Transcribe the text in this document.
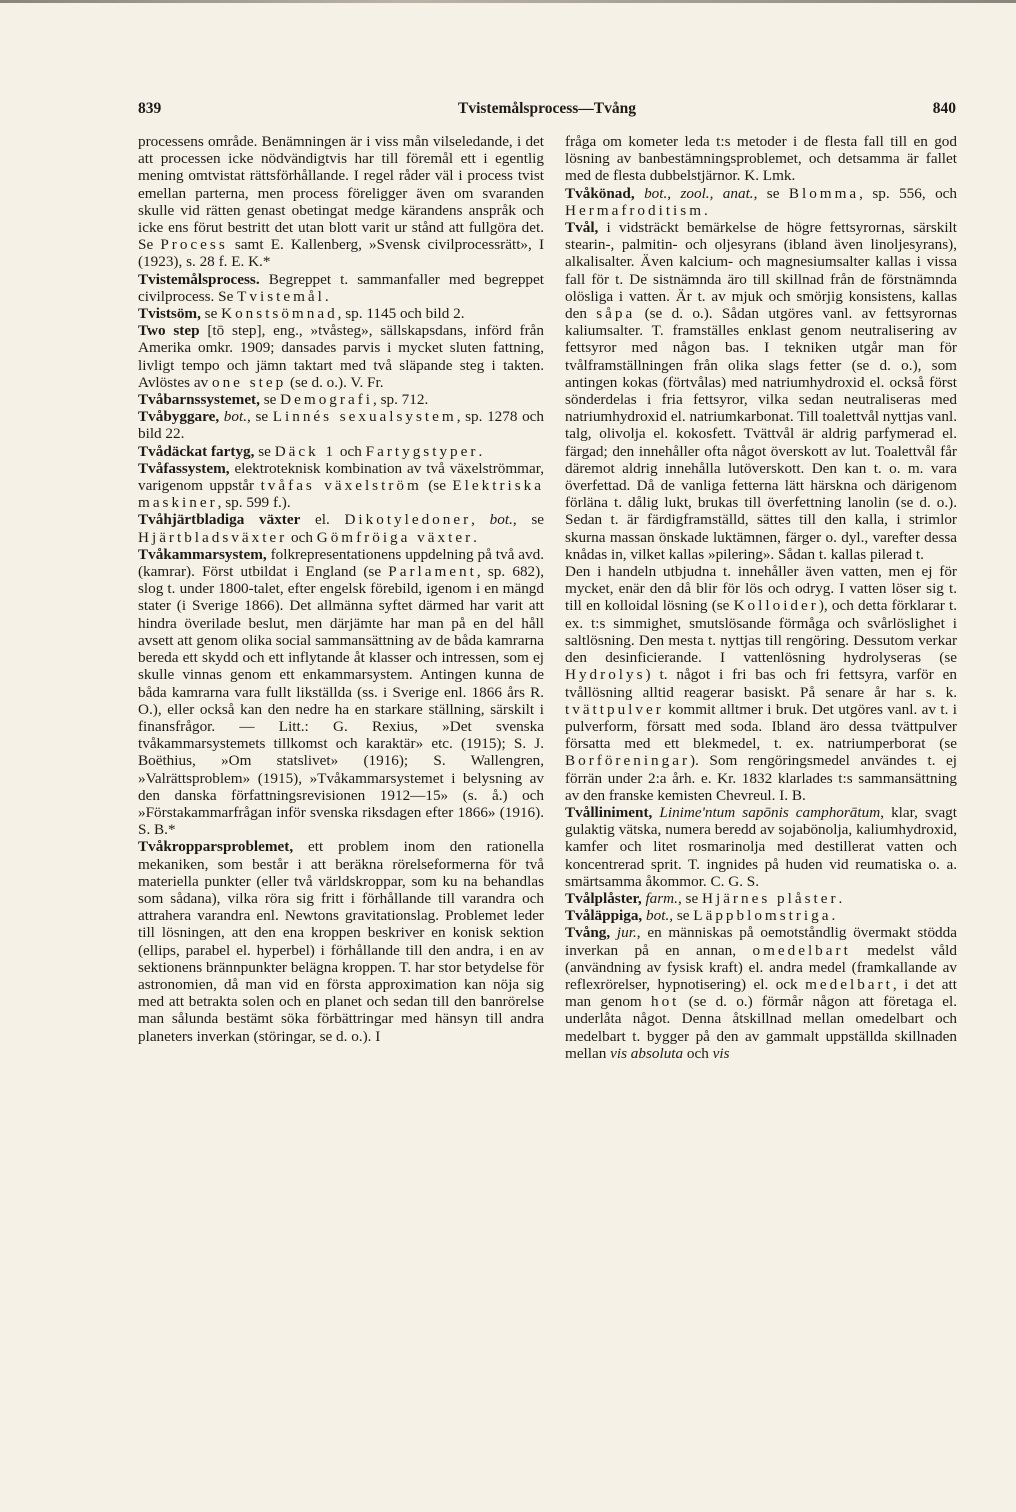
839	Tvistemålsprocess—Tvång	840

processens område. Benämningen är i viss mån vilseledande, i det att processen icke nödvändigtvis har till föremål ett i egentlig mening omtvistat rättsförhållande. I regel råder väl i process tvist emellan parterna, men process föreligger även om svaranden skulle vid rätten genast obetingat medge kärandens anspråk och icke ens förut bestritt det utan blott varit ur stånd att fullgöra det. Se Process samt E. Kallenberg, »Svensk civilprocessrätt», I (1923), s. 28 f. E. K.*

Tvistemålsprocess. Begreppet t. sammanfaller med begreppet civilprocess. Se Tvistemål.

Tvistsöm, se Konstsömnad, sp. 1145 och bild 2.

Two step [tō step], eng., »tvåsteg», sällskapsdans, införd från Amerika omkr. 1909; dansades parvis i mycket sluten fattning, livligt tempo och jämn taktart med två släpande steg i takten. Avlöstes av one step (se d. o.). V. Fr.

Tvåbarnssystemet, se Demografi, sp. 712.

Tvåbyggare, bot., se Linnés sexualsystem, sp. 1278 och bild 22.

Tvådäckat fartyg, se Däck 1 och Fartygstyper.

Tvåfassystem, elektroteknisk kombination av två växelströmmar, varigenom uppstår tvåfas växelström (se Elektriska maskiner, sp. 599 f.).

Tvåhjärtbladiga växter el. Dikotyledoner, bot., se Hjärtbladsväxter och Gömfröiga växter.

Tvåkammarsystem, folkrepresentationens uppdelning på två avd. (kamrar). Först utbildat i England (se Parlament, sp. 682), slog t. under 1800-talet, efter engelsk förebild, igenom i en mängd stater (i Sverige 1866). Det allmänna syftet därmed har varit att hindra överilade beslut, men därjämte har man på en del håll avsett att genom olika social sammansättning av de båda kamrarna bereda ett skydd och ett inflytande åt klasser och intressen, som ej skulle vinnas genom ett enkammarsystem. Antingen kunna de båda kamrarna vara fullt likställda (ss. i Sverige enl. 1866 års R. O.), eller också kan den nedre ha en starkare ställning, särskilt i finansfrågor. — Litt.: G. Rexius, »Det svenska tvåkammarsystemets tillkomst och karaktär» etc. (1915); S. J. Boëthius, »Om statslivet» (1916); S. Wallengren, »Valrättsproblem» (1915), »Tvåkammarsystemet i belysning av den danska författningsrevisionen 1912—15» (s. å.) och »Förstakammarfrågan inför svenska riksdagen efter 1866» (1916). S. B.*

Tvåkropparsproblemet, ett problem inom den rationella mekaniken, som består i att beräkna rörelseformerna för två materiella punkter (eller två världskroppar, som ku na behandlas som sådana), vilka röra sig fritt i förhållande till varandra och attrahera varandra enl. Newtons gravitationslag. Problemet leder till lösningen, att den ena kroppen beskriver en konisk sektion (ellips, parabel el. hyperbel) i förhållande till den andra, i en av sektionens brännpunkter belägna kroppen. T. har stor betydelse för astronomien, då man vid en första approximation kan nöja sig med att betrakta solen och en planet och sedan till den banrörelse man sålunda bestämt söka förbättringar med hänsyn till andra planeters inverkan (störingar, se d. o.). I

fråga om kometer leda t:s metoder i de flesta fall till en god lösning av banbestämningsproblemet, och detsamma är fallet med de flesta dubbelstjärnor. K. Lmk.

Tvåkönad, bot., zool., anat., se Blomma, sp. 556, och Hermafroditism.

Tvål, i vidsträckt bemärkelse de högre fettsyrornas, särskilt stearin-, palmitin- och oljesyrans (ibland även linoljesyrans), alkalisalter. Även kalcium- och magnesiumsalter kallas i vissa fall för t. De sistnämnda äro till skillnad från de förstnämnda olösliga i vatten. Är t. av mjuk och smörjig konsistens, kallas den såpa (se d. o.). Sådan utgöres vanl. av fettsyrornas kaliumsalter. T. framställes enklast genom neutralisering av fettsyror med någon bas. I tekniken utgår man för tvålframställningen från olika slags fetter (se d. o.), som antingen kokas (förtvålas) med natriumhydroxid el. också först sönderdelas i fria fettsyror, vilka sedan neutraliseras med natriumhydroxid el. natriumkarbonat. Till toalettvål nyttjas vanl. talg, olivolja el. kokosfett. Tvättvål är aldrig parfymerad el. färgad; den innehåller ofta något överskott av lut. Toalettvål får däremot aldrig innehålla lutöverskott. Den kan t. o. m. vara överfettad. Då de vanliga fetterna lätt härskna och därigenom förläna t. dålig lukt, brukas till överfettning lanolin (se d. o.). Sedan t. är färdigframställd, sättes till den kalla, i strimlor skurna massan önskade luktämnen, färger o. dyl., varefter dessa knådas in, vilket kallas »pilering». Sådan t. kallas pilerad t.

Den i handeln utbjudna t. innehåller även vatten, men ej för mycket, enär den då blir för lös och odryg. I vatten löser sig t. till en kolloidal lösning (se Kolloider), och detta förklarar t. ex. t:s simmighet, smutslösande förmåga och svårlöslighet i saltlösning. Den mesta t. nyttjas till rengöring. Dessutom verkar den desinficierande. I vattenlösning hydrolyseras (se Hydrolys) t. något i fri bas och fri fettsyra, varför en tvållösning alltid reagerar basiskt. På senare år har s. k. tvättpulver kommit alltmer i bruk. Det utgöres vanl. av t. i pulverform, försatt med soda. Ibland äro dessa tvättpulver försatta med ett blekmedel, t. ex. natriumperborat (se Borföreningar). Som rengöringsmedel användes t. ej förrän under 2:a årh. e. Kr. 1832 klarlades t:s sammansättning av den franske kemisten Chevreul. I. B.

Tvålliniment, Linime'ntum sapōnis camphorātum, klar, svagt gulaktig vätska, numera beredd av sojabönolja, kaliumhydroxid, kamfer och litet rosmarinolja med destillerat vatten och koncentrerad sprit. T. ingnides på huden vid reumatiska o. a. smärtsamma åkommor. C. G. S.

Tvålplåster, farm., se Hjärnes plåster.

Tvåläppiga, bot., se Läppblomstriga.

Tvång, jur., en människas på oemotståndlig övermakt stödda inverkan på en annan, omedelbart medelst våld (användning av fysisk kraft) el. andra medel (framkallande av reflexrörelser, hypnotisering) el. ock medelbart, i det att man genom hot (se d. o.) förmår någon att företaga el. underlåta något. Denna åtskillnad mellan omedelbart och medelbart t. bygger på den av gammalt uppställda skillnaden mellan vis absoluta och vis
